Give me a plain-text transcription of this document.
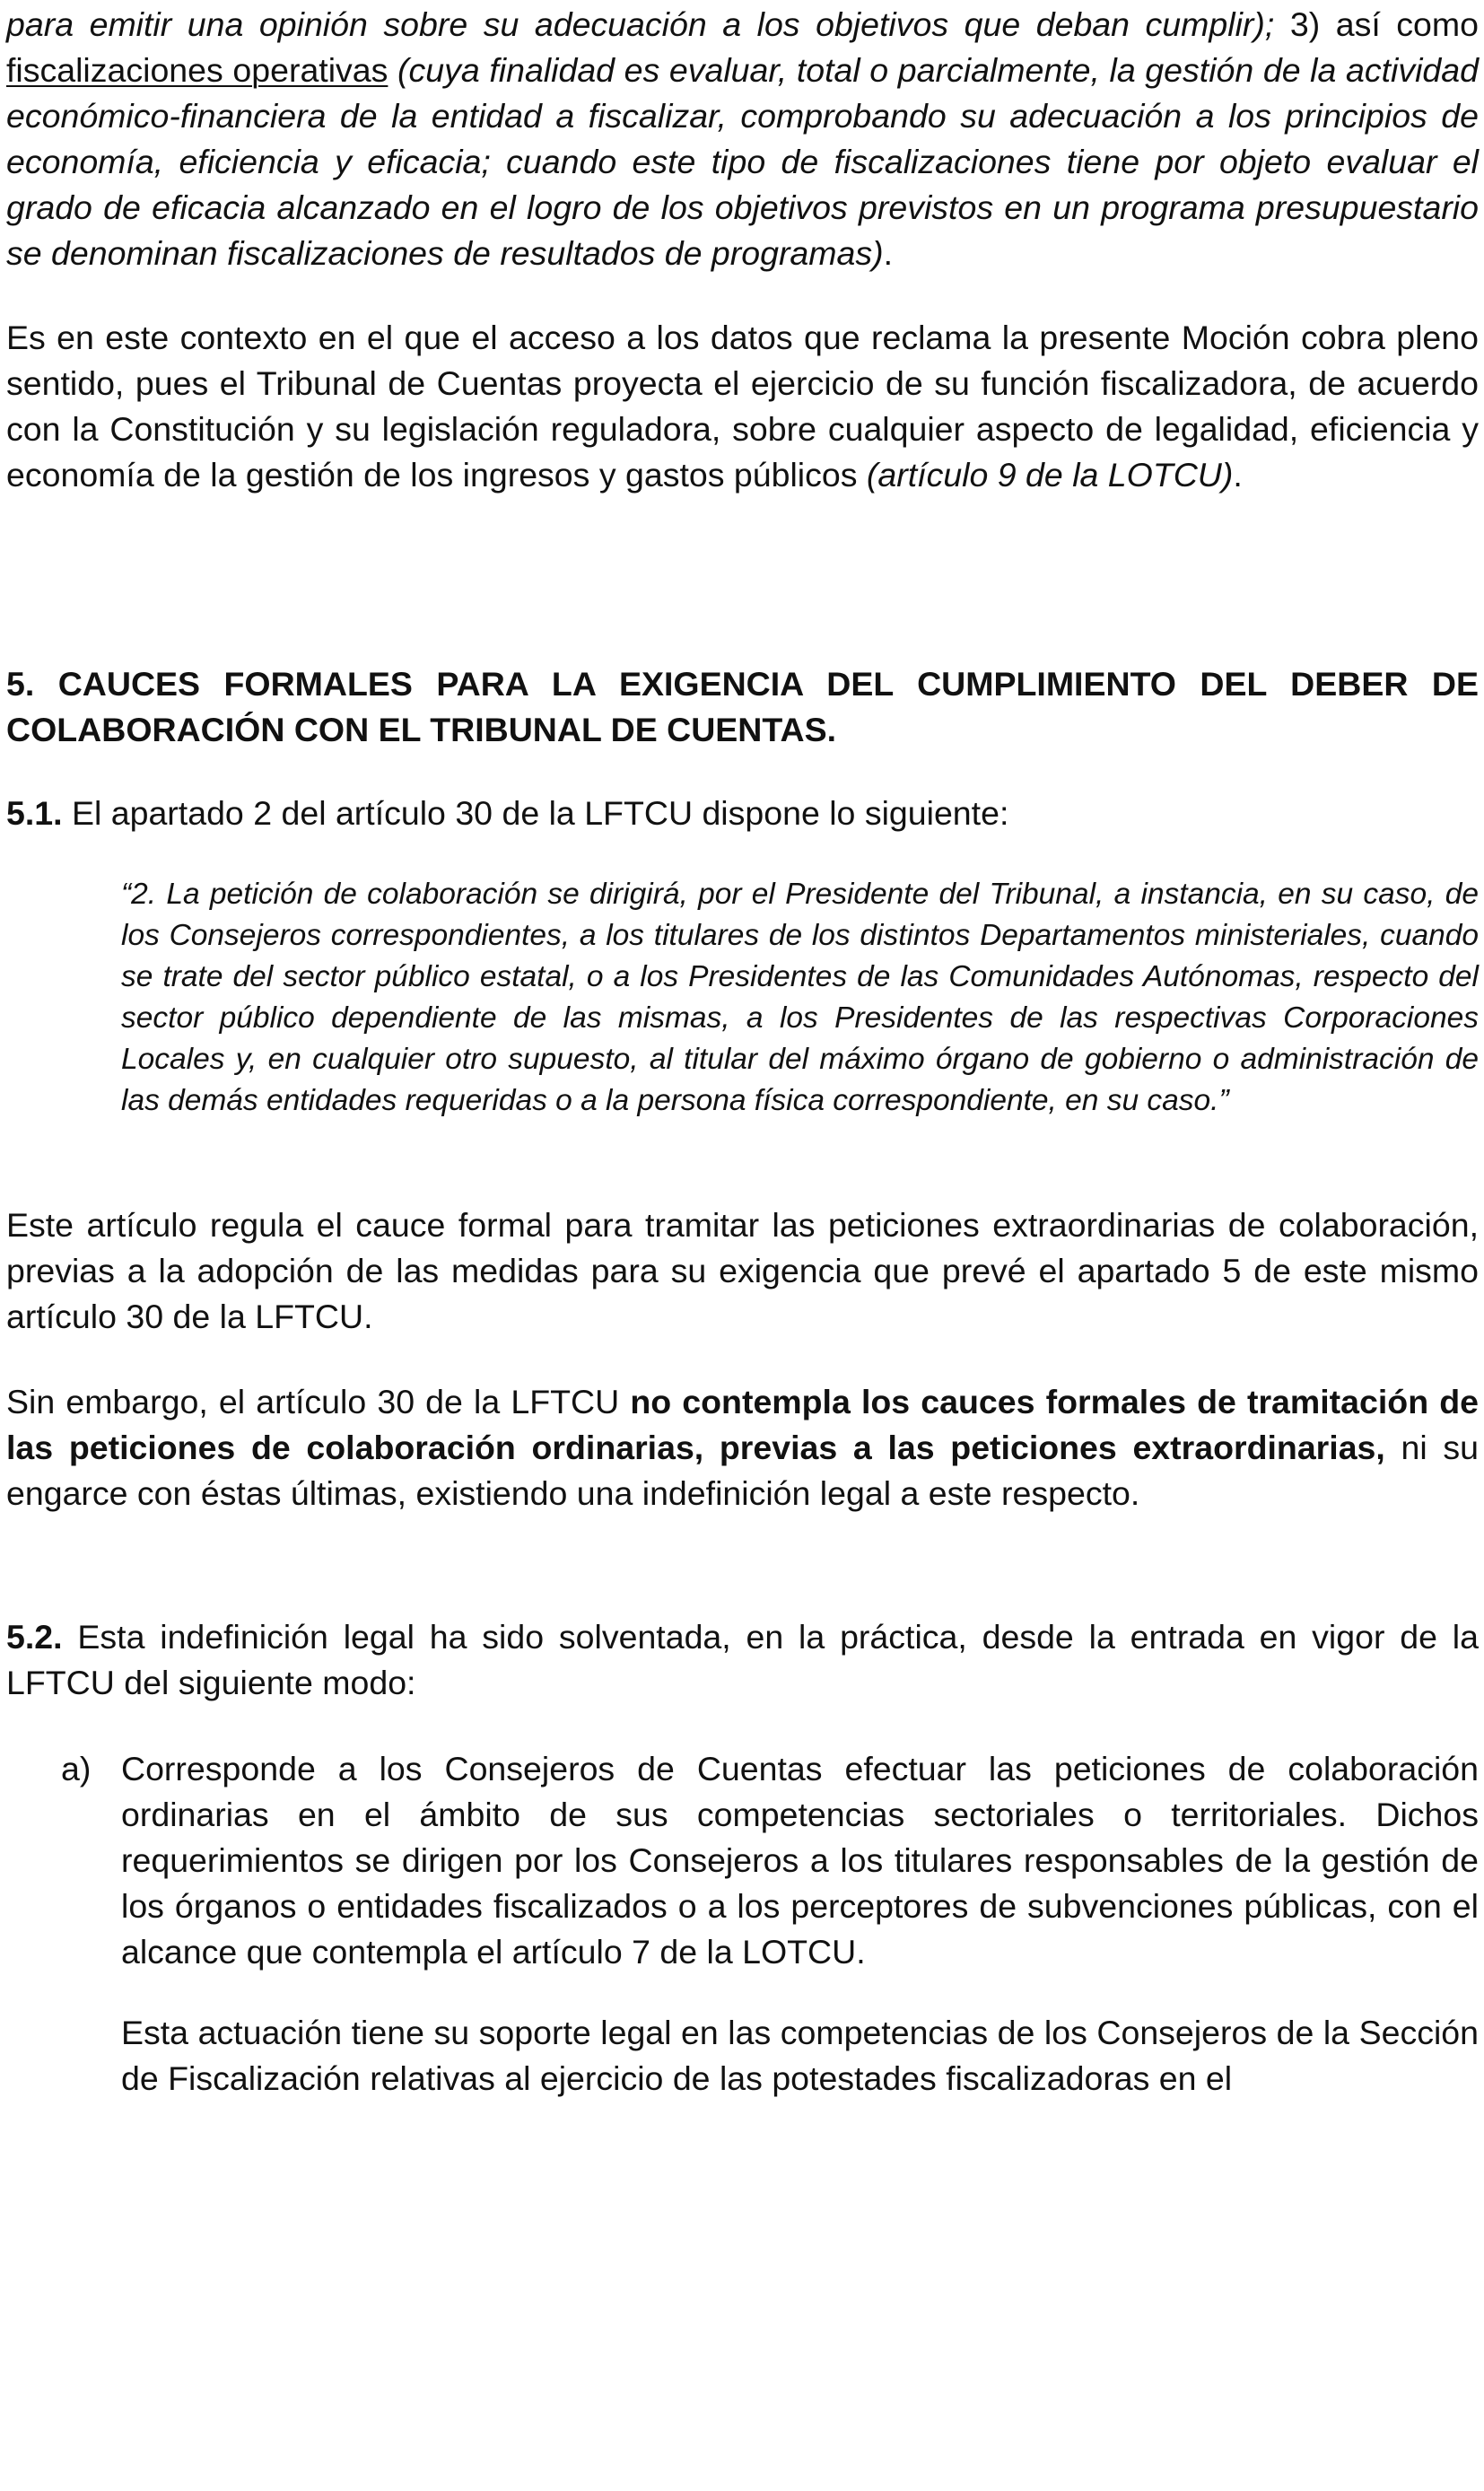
para emitir una opinión sobre su adecuación a los objetivos que deban cumplir); 3) así como fiscalizaciones operativas (cuya finalidad es evaluar, total o parcialmente, la gestión de la actividad económico-financiera de la entidad a fiscalizar, comprobando su adecuación a los principios de economía, eficiencia y eficacia; cuando este tipo de fiscalizaciones tiene por objeto evaluar el grado de eficacia alcanzado en el logro de los objetivos previstos en un programa presupuestario se denominan fiscalizaciones de resultados de programas).

Es en este contexto en el que el acceso a los datos que reclama la presente Moción cobra pleno sentido, pues el Tribunal de Cuentas proyecta el ejercicio de su función fiscalizadora, de acuerdo con la Constitución y su legislación reguladora, sobre cualquier aspecto de legalidad, eficiencia y economía de la gestión de los ingresos y gastos públicos (artículo 9 de la LOTCU).

5. CAUCES FORMALES PARA LA EXIGENCIA DEL CUMPLIMIENTO DEL DEBER DE COLABORACIÓN CON EL TRIBUNAL DE CUENTAS.

5.1. El apartado 2 del artículo 30 de la LFTCU dispone lo siguiente:

“2. La petición de colaboración se dirigirá, por el Presidente del Tribunal, a instancia, en su caso, de los Consejeros correspondientes, a los titulares de los distintos Departamentos ministeriales, cuando se trate del sector público estatal, o a los Presidentes de las Comunidades Autónomas, respecto del sector público dependiente de las mismas, a los Presidentes de las respectivas Corporaciones Locales y, en cualquier otro supuesto, al titular del máximo órgano de gobierno o administración de las demás entidades requeridas o a la persona física correspondiente, en su caso.”

Este artículo regula el cauce formal para tramitar las peticiones extraordinarias de colaboración, previas a la adopción de las medidas para su exigencia que prevé el apartado 5 de este mismo artículo 30 de la LFTCU.

Sin embargo, el artículo 30 de la LFTCU no contempla los cauces formales de tramitación de las peticiones de colaboración ordinarias, previas a las peticiones extraordinarias, ni su engarce con éstas últimas, existiendo una indefinición legal a este respecto.

5.2. Esta indefinición legal ha sido solventada, en la práctica, desde la entrada en vigor de la LFTCU del siguiente modo:

a) Corresponde a los Consejeros de Cuentas efectuar las peticiones de colaboración ordinarias en el ámbito de sus competencias sectoriales o territoriales. Dichos requerimientos se dirigen por los Consejeros a los titulares responsables de la gestión de los órganos o entidades fiscalizados o a los perceptores de subvenciones públicas, con el alcance que contempla el artículo 7 de la LOTCU.

Esta actuación tiene su soporte legal en las competencias de los Consejeros de la Sección de Fiscalización relativas al ejercicio de las potestades fiscalizadoras en el
